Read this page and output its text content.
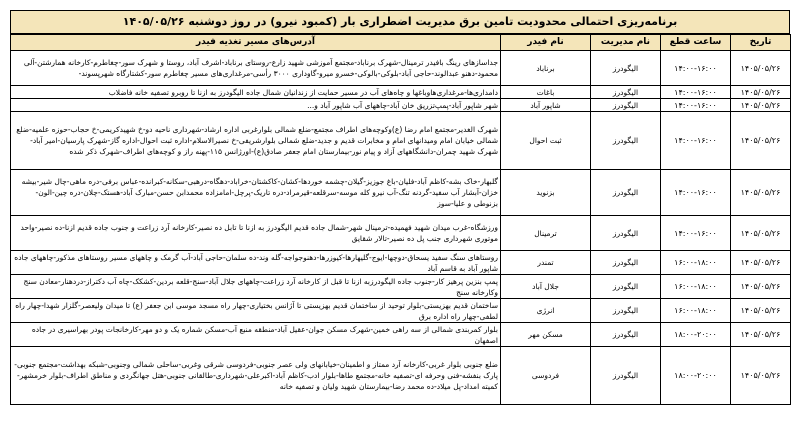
برنامه‌ریزی احتمالی محدودیت تامین برق مدیریت اضطراری بار (کمبود نیرو) در روز دوشنبه ۱۴۰۵/۰۵/۲۶
تاریخ	ساعت قطع	نام مدیریت	نام فیدر	آدرس‌های مسیر تغذیه فیدر
۱۴۰۵/۰۵/۲۶	۱۴:۰۰-۱۶:۰۰	الیگودرز	برناباد	جداسازهای رینگ بافیدر ترمینال-شهرک برناباد-مجتمع آموزشی شهید زارع-روستای برناباد-اشرف آباد، روستا و شهرک سور-چغاطرم-کارخانه همارشتن-آلی محمود-دهنو عبدالوند-حاجی آباد-بلوکی-بالوکی-خسرو میرو-گاوداری ۳۰۰۰ رأسی-مرغداری‌های مسیر چغاطرم سور-کشتارگاه شهرپسوند-
۱۴۰۵/۰۵/۲۶	۱۴:۰۰-۱۶:۰۰	الیگودرز	باغات	دامداری‌ها-مرغداری‌هاوباغها و چاه‌های آب در مسیر حمایت از زندانیان شمال جاده الیگودرز به ازنا تا روبرو تصفیه خانه فاضلاب
۱۴۰۵/۰۵/۲۶	۱۴:۰۰-۱۶:۰۰	الیگودرز	شاپور آباد	شهر شاپور آباد-پمپ‌تزریق خان آباد-چاههای آب شاپور آباد و...
۱۴۰۵/۰۵/۲۶	۱۴:۰۰-۱۶:۰۰	الیگودرز	ثبت احوال	شهرک الغدیر-مجتمع امام رضا (ع)وکوچه‌های اطراف مجتمع-ضلع شمالی بلوارغربی اداره ارشاد-شهرداری ناحیه دو-خ شهیدکریمی-خ حجاب-حوزه علمیه-ضلع شمالی خیابان امام ومیدانهای امام و مخابرات قدیم و جدید-ضلع شمالی بلوارشریفی-خ نصیرالاسلام-اداره ثبت احوال-اداره گاز-شهرک پارسیان-امیر آباد-شهرک شهید چمران-دانشگاههای آزاد و پیام نور-بیمارستان امام جعفر صادق(ع)-اورژانس ۱۱۵-پهنه راز و کوچه‌های اطراف-شهرک ذکر شده
۱۴۰۵/۰۵/۲۶	۱۴:۰۰-۱۶:۰۰	الیگودرز	بزنوید	گلبهار-خاک بشه-کاظم آباد-فلیان-باغ جوزیز-گیلان-چشمه خوردها-کشان-کاکشتان-خراباد-دهگاه-درهبی-سکانه-کبرانده-عباس برفی-دره ماهی-چال شیر-بیشه خزان-آبشار آب سفید-گردنه تنگ-آب نیرو کله موسه-سرقلعه-قیرمراد-دره تاریک-پرچل-امامزاده محمدابن حسن-مبارک آباد-هستک-چلان-دره چین-الون-بزنوطی و علیا-سوز
۱۴۰۵/۰۵/۲۶	۱۴:۰۰-۱۶:۰۰	الیگودرز	ترمینال	ورزشگاه-غرب میدان شهید فهمیده-ترمینال شهر-شمال جاده قدیم الیگودرز به ازنا تا تابل ده نصیر-کارخانه آرد زراعت و جنوب جاده قدیم ازنا-ده نصیر-واحد موتوری شهرداری جنب پل ده نصیر-تالار شقایق
۱۴۰۵/۰۵/۲۶	۱۶:۰۰-۱۸:۰۰	الیگودرز	تمندر	روستاهای سنگ سفید یسحاق-دوچها-ایوج-گلیهارها-کیوزرها-دهنوجواجه-گله وند-ده سلمان-حاجی آباد-آب گرمک و چاههای مسیر روستاهای مذکور-چاههای جاده شاپور آباد به قاسم آباد
۱۴۰۵/۰۵/۲۶	۱۶:۰۰-۱۸:۰۰	الیگودرز	جلال آباد	پمپ بنزین پرهیز کار-جنوب جاده الیگودرزبه ازنا تا قبل از کارخانه آرد زراعت-چاههای جلال آباد-سنج-قلعه بردین-کشکک-چاه آب دکتراز-دردهنار-معادن سنج وکارخانه سنج
۱۴۰۵/۰۵/۲۶	۱۶:۰۰-۱۸:۰۰	الیگودرز	انرژی	ساختمان قدیم بهزیستی-بلوار توحید از ساختمان قدیم بهزیستی تا آژانس بختیاری-چهار راه مسجد موسی ابن جعفر (ع) تا میدان ولیعصر-گلزار شهدا-چهار راه لطفی-چهار راه اداره برق
۱۴۰۵/۰۵/۲۶	۱۸:۰۰-۲۰:۰۰	الیگودرز	مسکن مهر	بلوار کمربندی شمالی از سه راهی خمین-شهرک مسکن جوان-عقیل آباد-منطقه منبع آب-مسکن شماره یک و دو مهر-کارخانجات پودر بهراسیری در جاده اصفهان
۱۴۰۵/۰۵/۲۶	۱۸:۰۰-۲۰:۰۰	الیگودرز	فردوسی	ضلع جنوبی بلوار غربی-کارخانه آرد ممتاز و اطمینان-خیابانهای ولی عصر جنوبی-فردوسی شرقی وغربی-ساحلی شمالی وجنوبی-شبکه بهداشت-مجتمع جنوبی-پارک بنفشه-فنی وحرفه ای-تصفیه خانه-مجتمع طاها-بلوار ادب-کاظم آباد-اکبرعلی-شهرداری-طالقانی جنوبی-هتل جهانگردی و مناطق اطراف-بلوار خرمشهر-کمیته امداد-پل میلاد-ده محمد رضا-بیمارستان شهید ولیان و تصفیه خانه
